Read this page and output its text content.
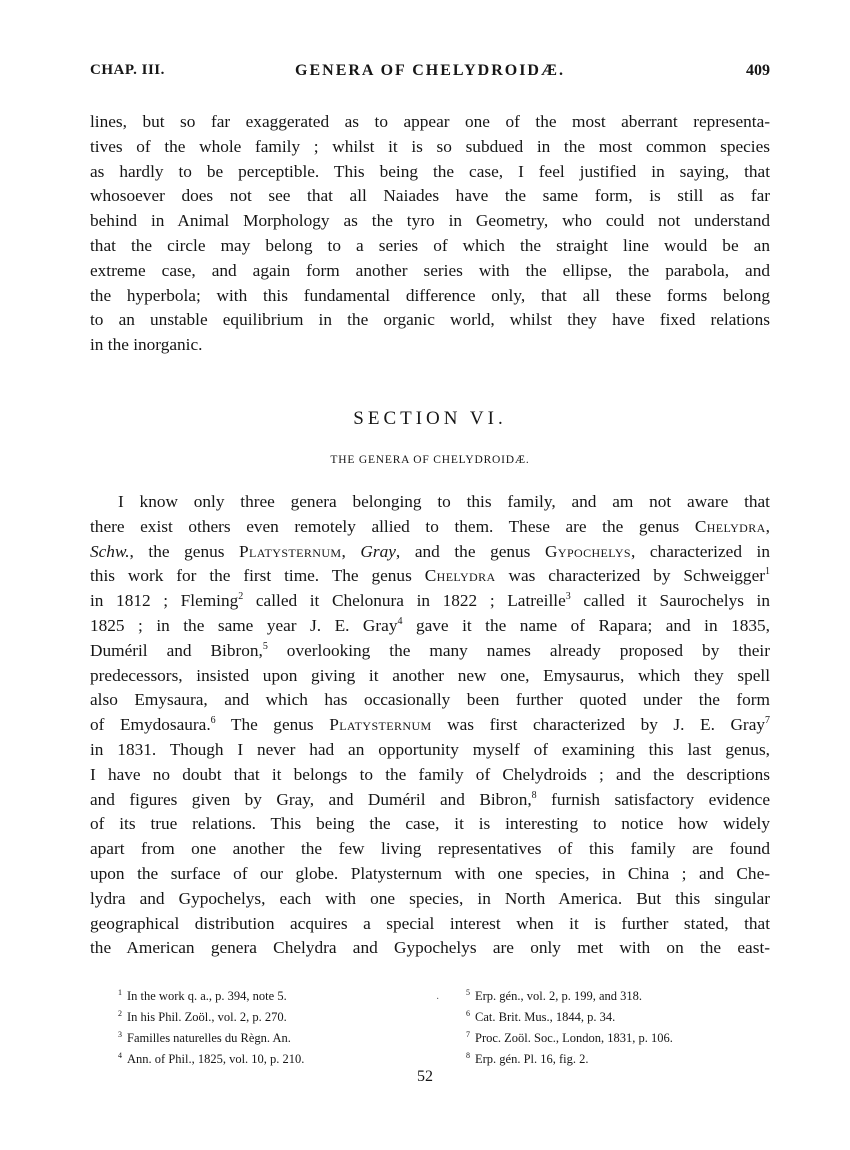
CHAP. III.	GENERA OF CHELYDROIDÆ.	409
lines, but so far exaggerated as to appear one of the most aberrant representa-
tives of the whole family ; whilst it is so subdued in the most common species
as hardly to be perceptible. This being the case, I feel justified in saying, that
whosoever does not see that all Naiades have the same form, is still as far
behind in Animal Morphology as the tyro in Geometry, who could not understand
that the circle may belong to a series of which the straight line would be an
extreme case, and again form another series with the ellipse, the parabola, and
the hyperbola; with this fundamental difference only, that all these forms belong
to an unstable equilibrium in the organic world, whilst they have fixed relations
in the inorganic.
SECTION VI.
THE GENERA OF CHELYDROIDÆ.
I know only three genera belonging to this family, and am not aware that
there exist others even remotely allied to them. These are the genus Chelydra,
Schw., the genus Platysternum, Gray, and the genus Gypochelys, characterized in
this work for the first time. The genus Chelydra was characterized by Schweigger$^1$
in 1812 ; Fleming$^2$ called it Chelonura in 1822 ; Latreille$^3$ called it Saurochelys in
1825 ; in the same year J. E. Gray$^4$ gave it the name of Rapara; and in 1835,
Duméril and Bibron,$^5$ overlooking the many names already proposed by their
predecessors, insisted upon giving it another new one, Emysaurus, which they spell
also Emysaura, and which has occasionally been further quoted under the form
of Emydosaura.$^6$ The genus Platysternum was first characterized by J. E. Gray$^7$
in 1831. Though I never had an opportunity myself of examining this last genus,
I have no doubt that it belongs to the family of Chelydroids ; and the descriptions
and figures given by Gray, and Duméril and Bibron,$^8$ furnish satisfactory evidence
of its true relations. This being the case, it is interesting to notice how widely
apart from one another the few living representatives of this family are found
upon the surface of our globe. Platysternum with one species, in China ; and Che-
lydra and Gypochelys, each with one species, in North America. But this singular
geographical distribution acquires a special interest when it is further stated, that
the American genera Chelydra and Gypochelys are only met with on the east-
$^1$ In the work q. a., p. 394, note 5.
$^2$ In his Phil. Zoöl., vol. 2, p. 270.
$^3$ Familles naturelles du Règn. An.
$^4$ Ann. of Phil., 1825, vol. 10, p. 210.
·
$^5$ Erp. gén., vol. 2, p. 199, and 318.
$^6$ Cat. Brit. Mus., 1844, p. 34.
$^7$ Proc. Zoöl. Soc., London, 1831, p. 106.
$^8$ Erp. gén. Pl. 16, fig. 2.
52
